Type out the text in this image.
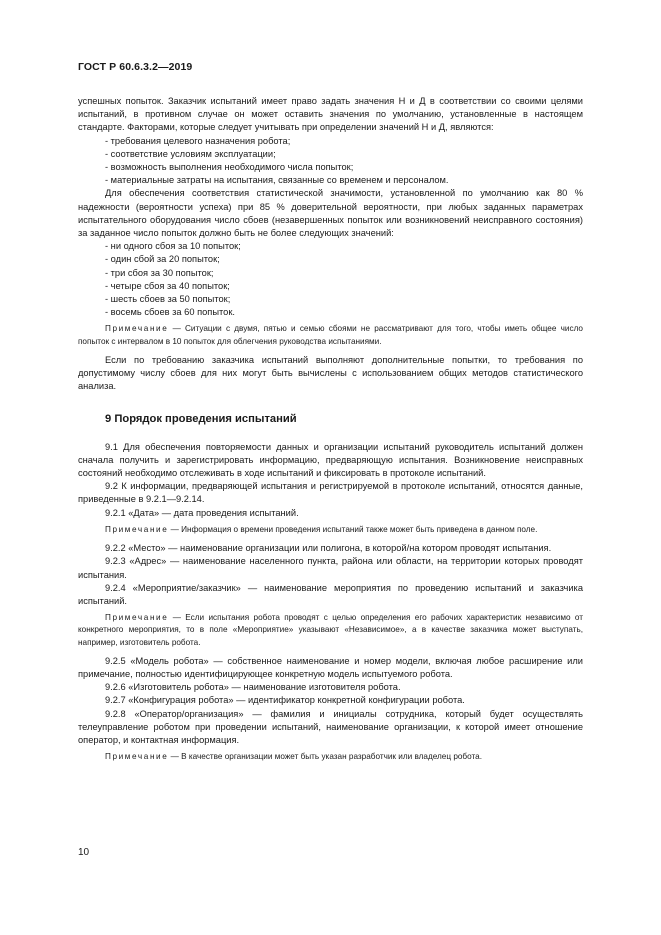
ГОСТ Р 60.6.3.2—2019

успешных попыток. Заказчик испытаний имеет право задать значения Н и Д в соответствии со своими целями испытаний, в противном случае он может оставить значения по умолчанию, установленные в настоящем стандарте. Факторами, которые следует учитывать при определении значений Н и Д, являются:

- требования целевого назначения робота;

- соответствие условиям эксплуатации;

- возможность выполнения необходимого числа попыток;

- материальные затраты на испытания, связанные со временем и персоналом.

Для обеспечения соответствия статистической значимости, установленной по умолчанию как 80 % надежности (вероятности успеха) при 85 % доверительной вероятности, при любых заданных параметрах испытательного оборудования число сбоев (незавершенных попыток или возникновений неисправного состояния) за заданное число попыток должно быть не более следующих значений:

- ни одного сбоя за 10 попыток;

- один сбой за 20 попыток;

- три сбоя за 30 попыток;

- четыре сбоя за 40 попыток;

- шесть сбоев за 50 попыток;

- восемь сбоев за 60 попыток.

Примечание — Ситуации с двумя, пятью и семью сбоями не рассматривают для того, чтобы иметь общее число попыток с интервалом в 10 попыток для облегчения руководства испытаниями.

Если по требованию заказчика испытаний выполняют дополнительные попытки, то требования по допустимому числу сбоев для них могут быть вычислены с использованием общих методов статистического анализа.

9 Порядок проведения испытаний

9.1 Для обеспечения повторяемости данных и организации испытаний руководитель испытаний должен сначала получить и зарегистрировать информацию, предваряющую испытания. Возникновение неисправных состояний необходимо отслеживать в ходе испытаний и фиксировать в протоколе испытаний.

9.2 К информации, предваряющей испытания и регистрируемой в протоколе испытаний, относятся данные, приведенные в 9.2.1—9.2.14.

9.2.1 «Дата» — дата проведения испытаний.

Примечание — Информация о времени проведения испытаний также может быть приведена в данном поле.

9.2.2 «Место» — наименование организации или полигона, в которой/на котором проводят испытания.

9.2.3 «Адрес» — наименование населенного пункта, района или области, на территории которых проводят испытания.

9.2.4 «Мероприятие/заказчик» — наименование мероприятия по проведению испытаний и заказчика испытаний.

Примечание — Если испытания робота проводят с целью определения его рабочих характеристик независимо от конкретного мероприятия, то в поле «Мероприятие» указывают «Независимое», а в качестве заказчика может выступать, например, изготовитель робота.

9.2.5 «Модель робота» — собственное наименование и номер модели, включая любое расширение или примечание, полностью идентифицирующее конкретную модель испытуемого робота.

9.2.6 «Изготовитель робота» — наименование изготовителя робота.

9.2.7 «Конфигурация робота» — идентификатор конкретной конфигурации робота.

9.2.8 «Оператор/организация» — фамилия и инициалы сотрудника, который будет осуществлять телеуправление роботом при проведении испытаний, наименование организации, к которой имеет отношение оператор, и контактная информация.

Примечание — В качестве организации может быть указан разработчик или владелец робота.

10
